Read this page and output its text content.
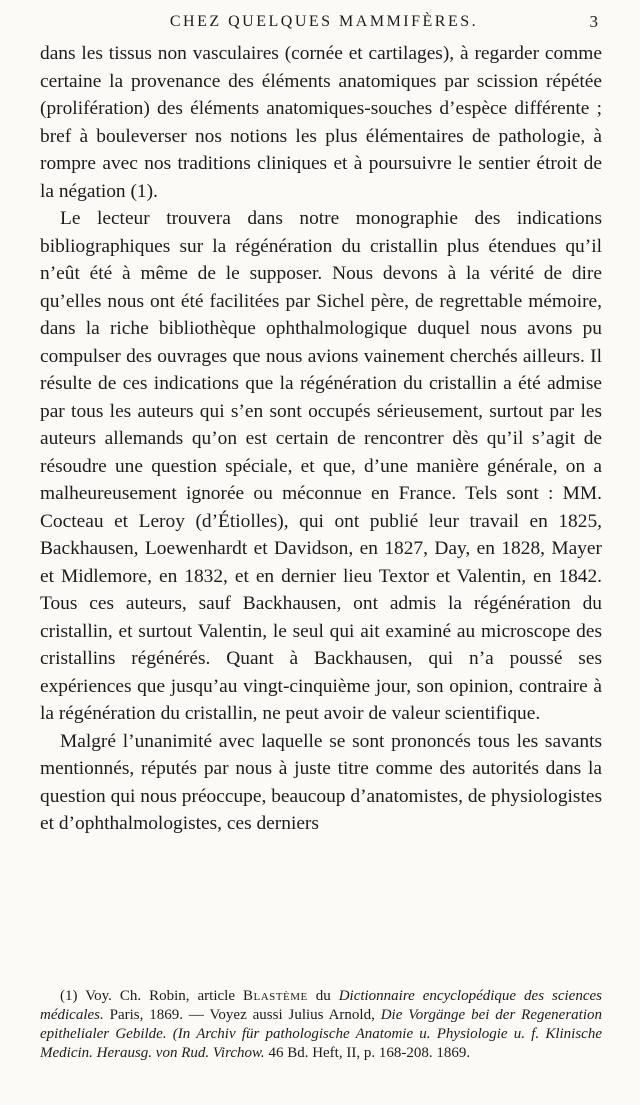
CHEZ QUELQUES MAMMIFÈRES.	3

dans les tissus non vasculaires (cornée et cartilages), à regarder comme certaine la provenance des éléments anatomiques par scission répétée (prolifération) des éléments anatomiques-souches d’espèce différente ; bref à bouleverser nos notions les plus élémentaires de pathologie, à rompre avec nos traditions cliniques et à poursuivre le sentier étroit de la négation (1).

Le lecteur trouvera dans notre monographie des indications bibliographiques sur la régénération du cristallin plus étendues qu’il n’eût été à même de le supposer. Nous devons à la vérité de dire qu’elles nous ont été facilitées par Sichel père, de regrettable mémoire, dans la riche bibliothèque ophthalmologique duquel nous avons pu compulser des ouvrages que nous avions vainement cherchés ailleurs. Il résulte de ces indications que la régénération du cristallin a été admise par tous les auteurs qui s’en sont occupés sérieusement, surtout par les auteurs allemands qu’on est certain de rencontrer dès qu’il s’agit de résoudre une question spéciale, et que, d’une manière générale, on a malheureusement ignorée ou méconnue en France. Tels sont : MM. Cocteau et Leroy (d’Étiolles), qui ont publié leur travail en 1825, Backhausen, Loewenhardt et Davidson, en 1827, Day, en 1828, Mayer et Midlemore, en 1832, et en dernier lieu Textor et Valentin, en 1842. Tous ces auteurs, sauf Backhausen, ont admis la régénération du cristallin, et surtout Valentin, le seul qui ait examiné au microscope des cristallins régénérés. Quant à Backhausen, qui n’a poussé ses expériences que jusqu’au vingt-cinquième jour, son opinion, contraire à la régénération du cristallin, ne peut avoir de valeur scientifique.

Malgré l’unanimité avec laquelle se sont prononcés tous les savants mentionnés, réputés par nous à juste titre comme des autorités dans la question qui nous préoccupe, beaucoup d’anatomistes, de physiologistes et d’ophthalmologistes, ces derniers

(1) Voy. Ch. Robin, article Blastème du Dictionnaire encyclopédique des sciences médicales. Paris, 1869. — Voyez aussi Julius Arnold, Die Vorgänge bei der Regeneration epithelialer Gebilde. (In Archiv für pathologische Anatomie u. Physiologie u. f. Klinische Medicin. Herausg. von Rud. Virchow. 46 Bd. Heft, II, p. 168-208. 1869.
